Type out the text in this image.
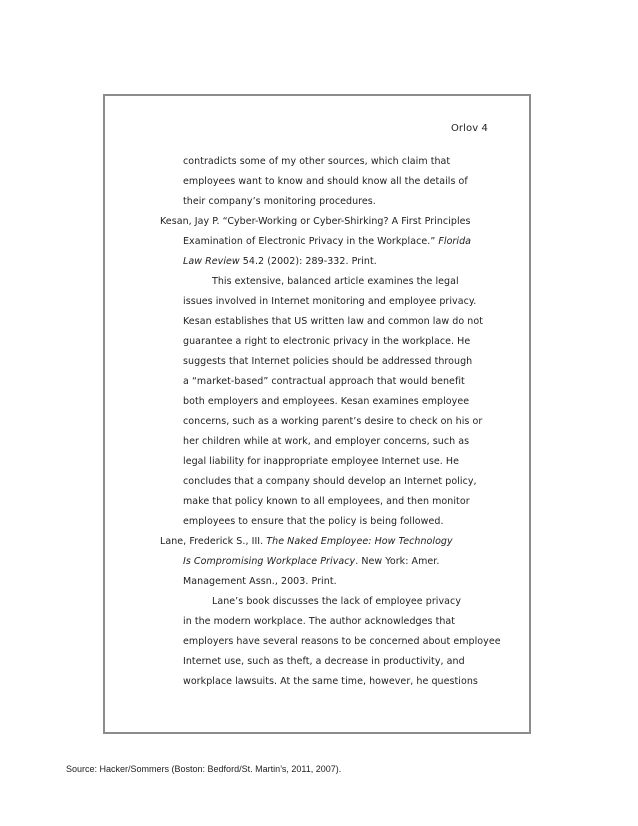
Orlov 4
contradicts some of my other sources, which claim that
employees want to know and should know all the details of
their company’s monitoring procedures.
Kesan, Jay P. “Cyber-Working or Cyber-Shirking? A First Principles
Examination of Electronic Privacy in the Workplace.” Florida
Law Review 54.2 (2002): 289-332. Print.
This extensive, balanced article examines the legal
issues involved in Internet monitoring and employee privacy.
Kesan establishes that US written law and common law do not
guarantee a right to electronic privacy in the workplace. He
suggests that Internet policies should be addressed through
a “market-based” contractual approach that would benefit
both employers and employees. Kesan examines employee
concerns, such as a working parent’s desire to check on his or
her children while at work, and employer concerns, such as
legal liability for inappropriate employee Internet use. He
concludes that a company should develop an Internet policy,
make that policy known to all employees, and then monitor
employees to ensure that the policy is being followed.
Lane, Frederick S., III. The Naked Employee: How Technology
Is Compromising Workplace Privacy. New York: Amer.
Management Assn., 2003. Print.
Lane’s book discusses the lack of employee privacy
in the modern workplace. The author acknowledges that
employers have several reasons to be concerned about employee
Internet use, such as theft, a decrease in productivity, and
workplace lawsuits. At the same time, however, he questions
Source: Hacker/Sommers (Boston: Bedford/St. Martin’s, 2011, 2007).
